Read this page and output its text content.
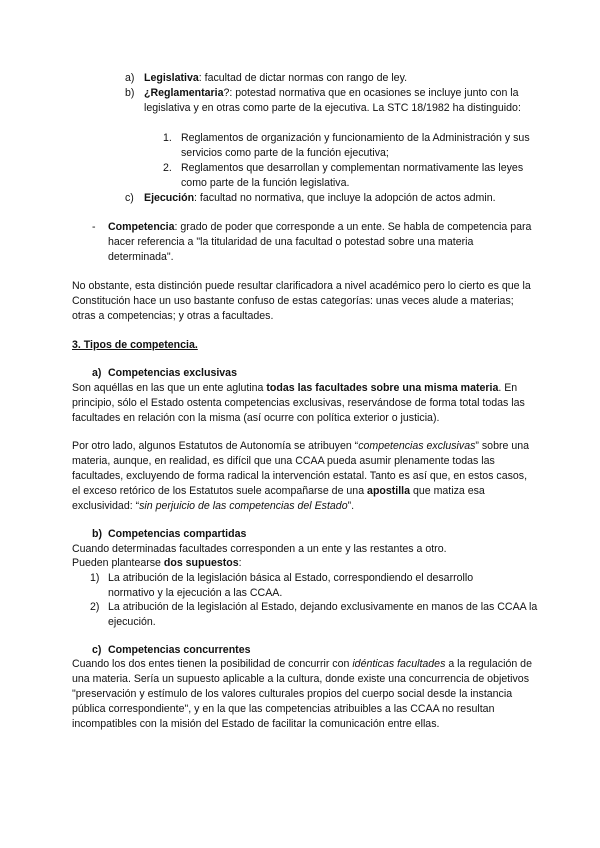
a) Legislativa: facultad de dictar normas con rango de ley.
b) ¿Reglamentaria?: potestad normativa que en ocasiones se incluye junto con la legislativa y en otras como parte de la ejecutiva. La STC 18/1982 ha distinguido:
1. Reglamentos de organización y funcionamiento de la Administración y sus servicios como parte de la función ejecutiva;
2. Reglamentos que desarrollan y complementan normativamente las leyes como parte de la función legislativa.
c) Ejecución: facultad no normativa, que incluye la adopción de actos admin.
- Competencia: grado de poder que corresponde a un ente. Se habla de competencia para hacer referencia a "la titularidad de una facultad o potestad sobre una materia determinada".
No obstante, esta distinción puede resultar clarificadora a nivel académico pero lo cierto es que la Constitución hace un uso bastante confuso de estas categorías: unas veces alude a materias; otras a competencias; y otras a facultades.
3. Tipos de competencia.
a) Competencias exclusivas
Son aquéllas en las que un ente aglutina todas las facultades sobre una misma materia. En principio, sólo el Estado ostenta competencias exclusivas, reservándose de forma total todas las facultades en relación con la misma (así ocurre con política exterior o justicia).
Por otro lado, algunos Estatutos de Autonomía se atribuyen “competencias exclusivas” sobre una materia, aunque, en realidad, es difícil que una CCAA pueda asumir plenamente todas las facultades, excluyendo de forma radical la intervención estatal. Tanto es así que, en estos casos, el exceso retórico de los Estatutos suele acompañarse de una apostilla que matiza esa exclusividad: “sin perjuicio de las competencias del Estado”.
b) Competencias compartidas
Cuando determinadas facultades corresponden a un ente y las restantes a otro.
Pueden plantearse dos supuestos:
1) La atribución de la legislación básica al Estado, correspondiendo el desarrollo normativo y la ejecución a las CCAA.
2) La atribución de la legislación al Estado, dejando exclusivamente en manos de las CCAA la ejecución.
c) Competencias concurrentes
Cuando los dos entes tienen la posibilidad de concurrir con idénticas facultades a la regulación de una materia. Sería un supuesto aplicable a la cultura, donde existe una concurrencia de objetivos "preservación y estímulo de los valores culturales propios del cuerpo social desde la instancia pública correspondiente", y en la que las competencias atribuibles a las CCAA no resultan incompatibles con la misión del Estado de facilitar la comunicación entre ellas.
